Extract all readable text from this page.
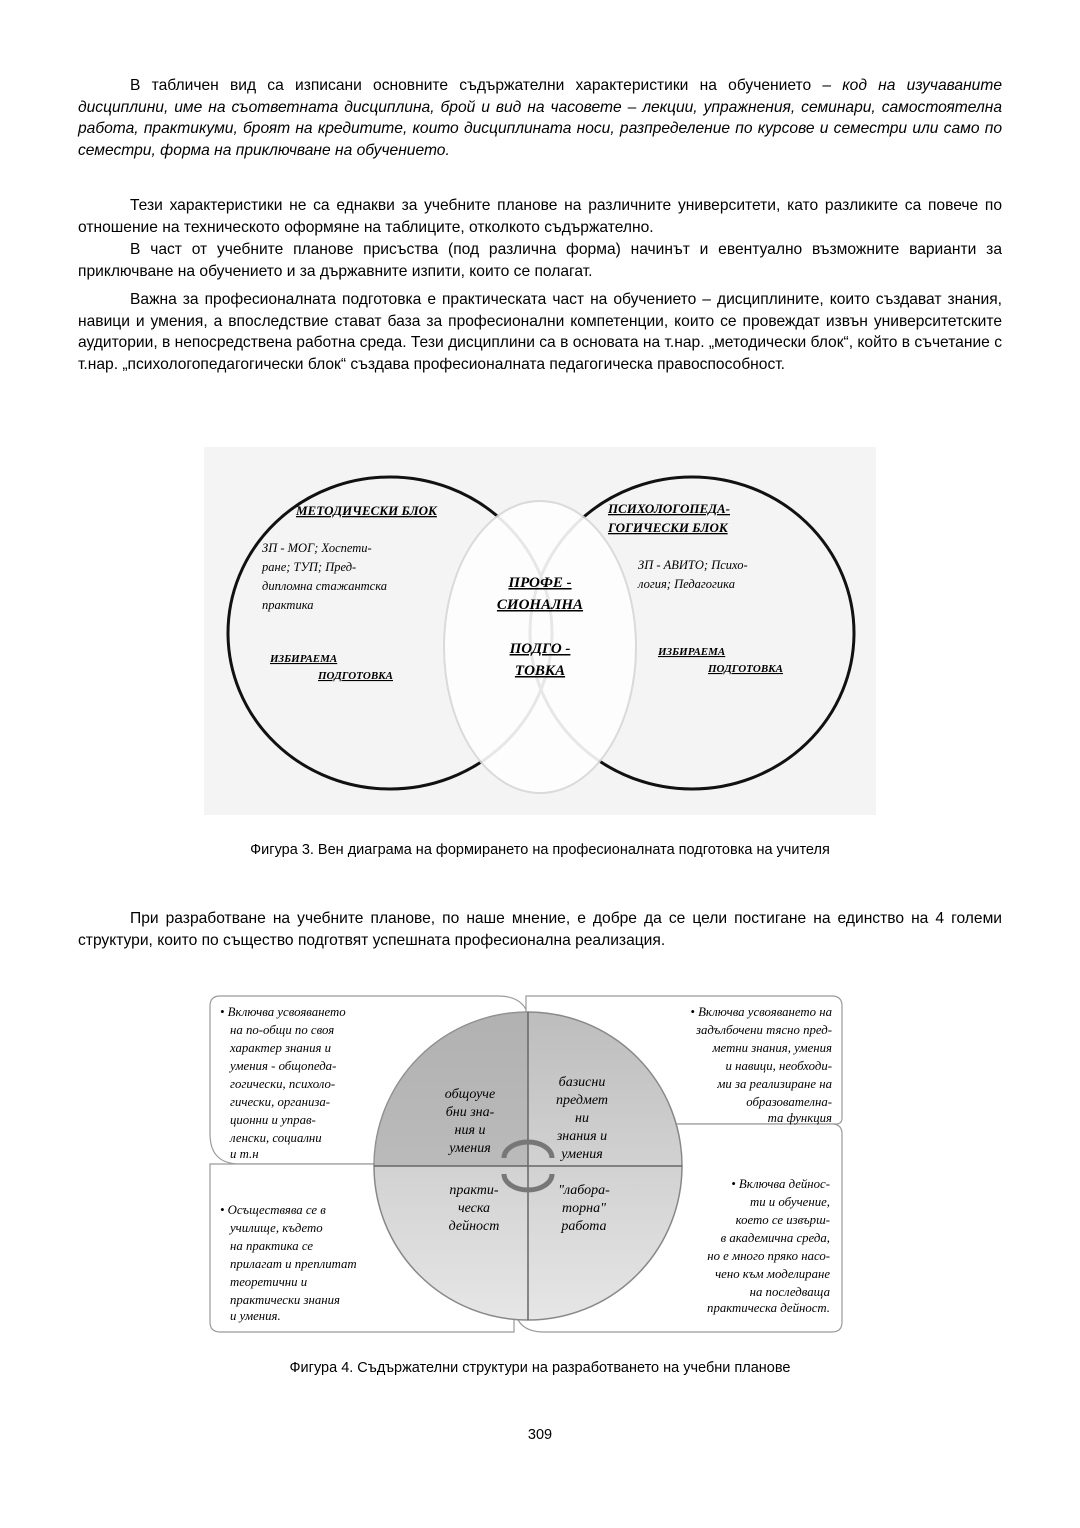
В табличен вид са изписани основните съдържателни характеристики на обучението – код на изучаваните дисциплини, име на съответната дисциплина, брой и вид на часовете – лекции, упражнения, семинари, самостоятелна работа, практикуми, броят на кредитите, които дисциплината носи, разпределение по курсове и семестри или само по семестри, форма на приключване на обучението.

Тези характеристики не са еднакви за учебните планове на различните университети, като разликите са повече по отношение на техническото оформяне на таблиците, отколкото съдържателно.

В част от учебните планове присъства (под различна форма) начинът и евентуално възможните варианти за приключване на обучението и за държавните изпити, които се полагат.

Важна за професионалната подготовка е практическата част на обучението – дисциплините, които създават знания, навици и умения, а впоследствие стават база за професионални компетенции, които се провеждат извън университетските аудитории, в непосредствена работна среда. Тези дисциплини са в основата на т.нар. „методически блок“, който в съчетание с т.нар. „психологопедагогически блок“ създава професионалната педагогическа правоспособност.

МЕТОДИЧЕСКИ БЛОК
ЗП - МОГ; Хоспети-
ране; ТУП; Пред-
дипломна стажантска
практика
ИЗБИРАЕМА
ПОДГОТОВКА
ПСИХОЛОГОПЕДА-
ГОГИЧЕСКИ БЛОК
ЗП - АВИТО; Психо-
логия; Педагогика
ИЗБИРАЕМА
ПОДГОТОВКА
ПРОФЕ -
СИОНАЛНА
ПОДГО -
ТОВКА
Фигура 3. Вен диаграма на формирането на професионалната подготовка на учителя

При разработване на учебните планове, по наше мнение, е добре да се цели постигане на единство на 4 големи структури, които по същество подготвят успешната професионална реализация.

• Включва усвояването
на по-общи по своя
характер знания и
умения - общопеда-
гогически, психоло-
гически, организа-
ционни и управ-
ленски, социални
и т.н
• Включва усвояването на
задълбочени тясно пред-
метни знания, умения
и навици, необходи-
ми за реализиране на
образователна-
та функция
• Осъществява се в
училище, където
на практика се
прилагат и преплитат
теоретични и
практически знания
и умения.
• Включва дейнос-
ти и обучение,
което се извърш-
в академична среда,
но е много пряко насо-
чено към моделиране
на последваща
практическа дейност.
общоуче
бни зна-
ния и
умения
базисни
предмет
ни
знания и
умения
практи-
ческа
дейност
"лабора-
торна"
работа
Фигура 4. Съдържателни структури на разработването на учебни планове
309
